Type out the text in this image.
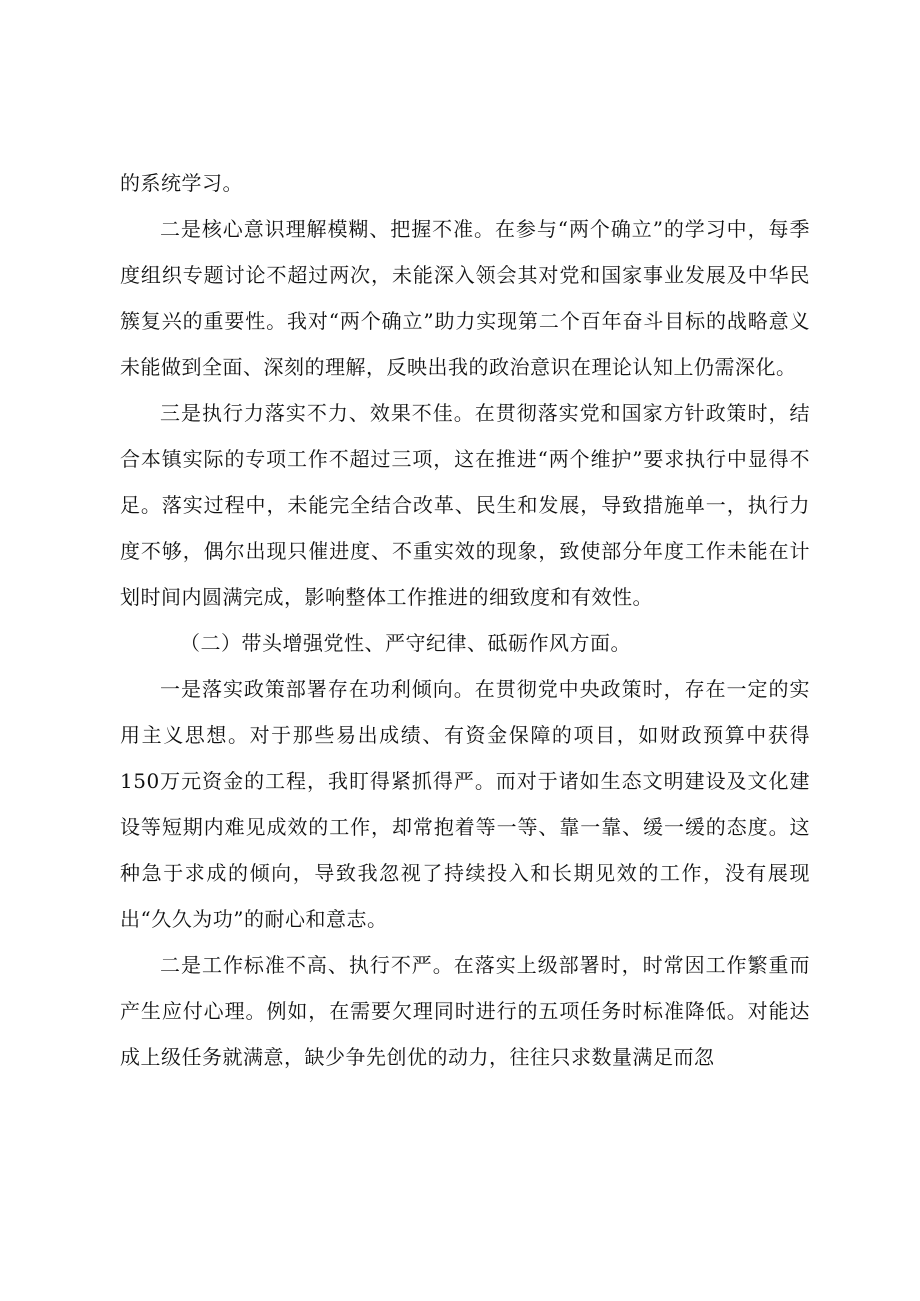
的系统学习。

二是核心意识理解模糊、把握不准。在参与“两个确立”的学习中，每季度组织专题讨论不超过两次，未能深入领会其对党和国家事业发展及中华民簇复兴的重要性。我对“两个确立”助力实现第二个百年奋斗目标的战略意义未能做到全面、深刻的理解，反映出我的政治意识在理论认知上仍需深化。

三是执行力落实不力、效果不佳。在贯彻落实党和国家方针政策时，结合本镇实际的专项工作不超过三项，这在推进“两个维护”要求执行中显得不足。落实过程中，未能完全结合改革、民生和发展，导致措施单一，执行力度不够，偶尔出现只催进度、不重实效的现象，致使部分年度工作未能在计划时间内圆满完成，影响整体工作推进的细致度和有效性。

（二）带头增强党性、严守纪律、砥砺作风方面。

一是落实政策部署存在功利倾向。在贯彻党中央政策时，存在一定的实用主义思想。对于那些易出成绩、有资金保障的项目，如财政预算中获得150万元资金的工程，我盯得紧抓得严。而对于诸如生态文明建设及文化建设等短期内难见成效的工作，却常抱着等一等、靠一靠、缓一缓的态度。这种急于求成的倾向，导致我忽视了持续投入和长期见效的工作，没有展现出“久久为功”的耐心和意志。

二是工作标准不高、执行不严。在落实上级部署时，时常因工作繁重而产生应付心理。例如，在需要欠理同时进行的五项任务时标准降低。对能达成上级任务就满意，缺少争先创优的动力，往往只求数量满足而忽
